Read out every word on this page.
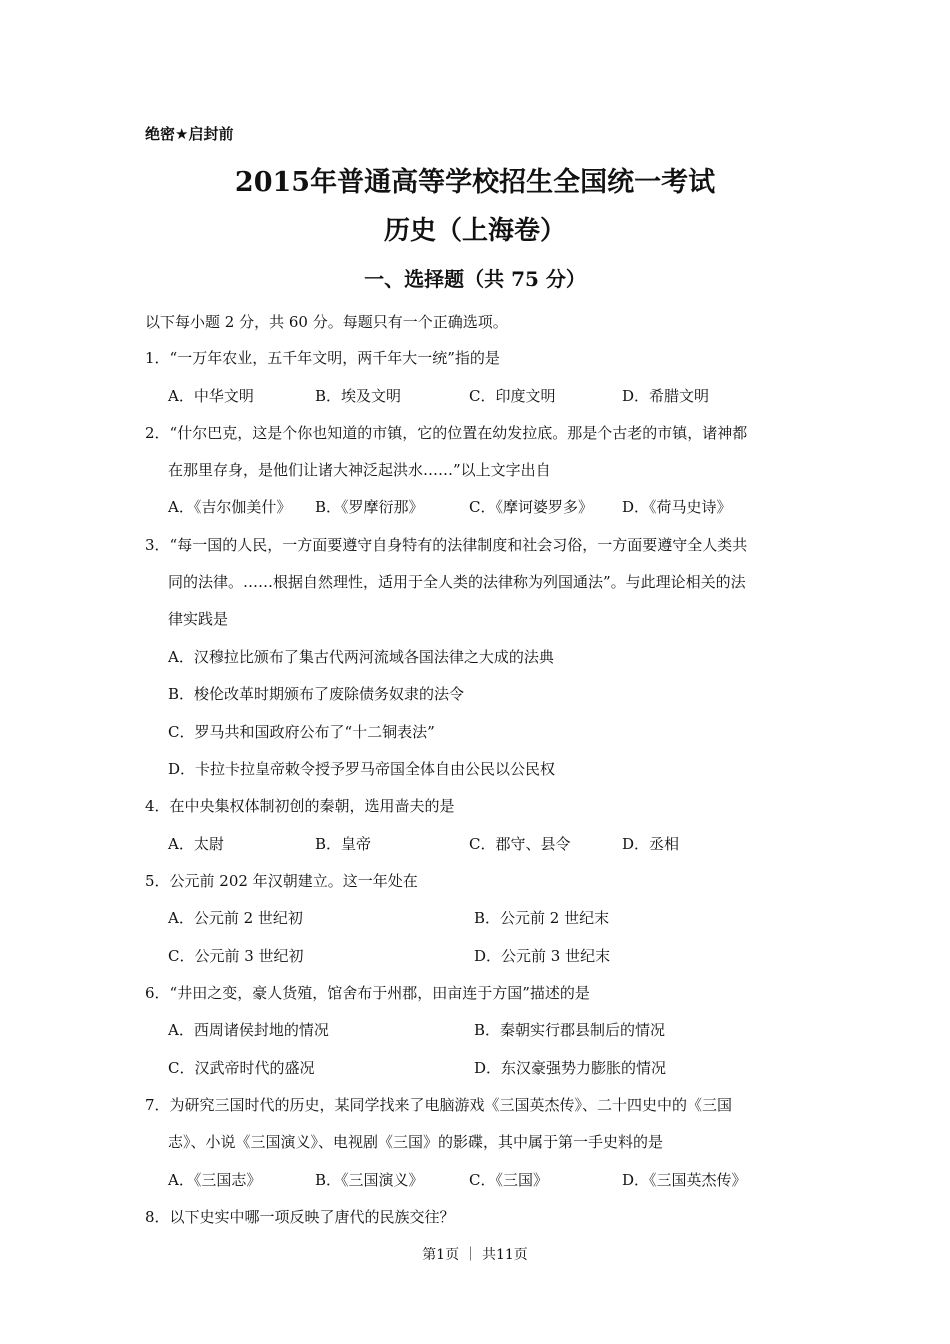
绝密★启封前
2015年普通高等学校招生全国统一考试
历史（上海卷）
一、选择题（共 75 分）
以下每小题 2 分，共 60 分。每题只有一个正确选项。
1．“一万年农业，五千年文明，两千年大一统”指的是
A．中华文明	B．埃及文明	C．印度文明	D．希腊文明
2．“什尔巴克，这是个你也知道的市镇，它的位置在幼发拉底。那是个古老的市镇，诸神都
在那里存身，是他们让诸大神泛起洪水……”以上文字出自
A．《吉尔伽美什》 B．《罗摩衍那》	C．《摩诃婆罗多》 D．《荷马史诗》
3．“每一国的人民，一方面要遵守自身特有的法律制度和社会习俗，一方面要遵守全人类共
同的法律。……根据自然理性，适用于全人类的法律称为列国通法”。与此理论相关的法
律实践是
A．汉穆拉比颁布了集古代两河流域各国法律之大成的法典
B．梭伦改革时期颁布了废除债务奴隶的法令
C．罗马共和国政府公布了“十二铜表法”
D．卡拉卡拉皇帝敕令授予罗马帝国全体自由公民以公民权
4．在中央集权体制初创的秦朝，选用啬夫的是
A．太尉	B．皇帝	C．郡守、县令	D．丞相
5．公元前 202 年汉朝建立。这一年处在
A．公元前 2 世纪初	B．公元前 2 世纪末
C．公元前 3 世纪初	D．公元前 3 世纪末
6．“井田之变，豪人货殖，馆舍布于州郡，田亩连于方国”描述的是
A．西周诸侯封地的情况	B．秦朝实行郡县制后的情况
C．汉武帝时代的盛况	D．东汉豪强势力膨胀的情况
7．为研究三国时代的历史，某同学找来了电脑游戏《三国英杰传》、二十四史中的《三国
志》、小说《三国演义》、电视剧《三国》的影碟，其中属于第一手史料的是
A．《三国志》	B．《三国演义》	C．《三国》	D．《三国英杰传》
8．以下史实中哪一项反映了唐代的民族交往？
第1页 ｜ 共11页
